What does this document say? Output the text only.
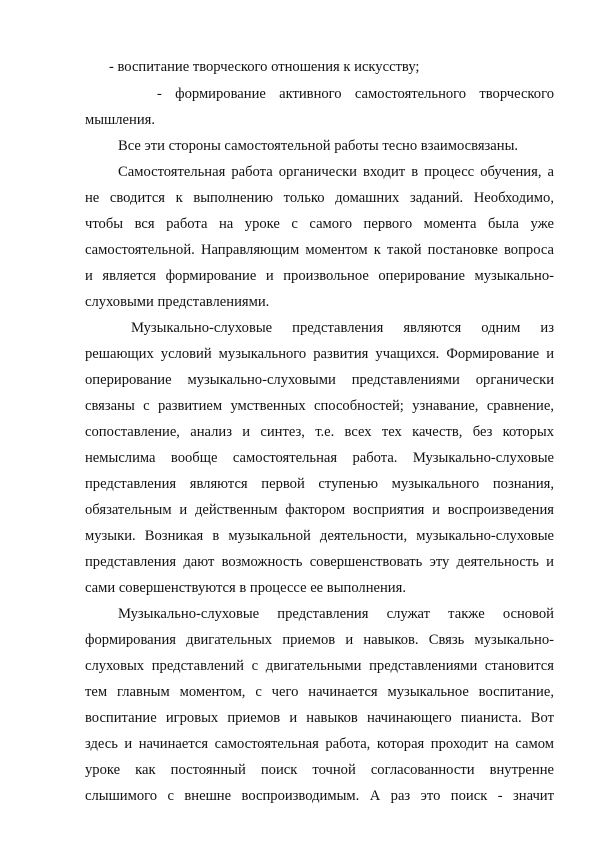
- воспитание творческого отношения к искусству;
- формирование активного самостоятельного творческого
мышления.
Все эти стороны самостоятельной работы тесно взаимосвязаны.
Самостоятельная работа органически входит в процесс обучения, а
не сводится к выполнению только домашних заданий. Необходимо,
чтобы вся работа на уроке с самого первого момента была уже
самостоятельной. Направляющим моментом к такой постановке вопроса
и является формирование и произвольное оперирование музыкально-
слуховыми представлениями.
Музыкально-слуховые представления являются одним из
решающих условий музыкального развития учащихся. Формирование и
оперирование музыкально-слуховыми представлениями органически
связаны с развитием умственных способностей; узнавание, сравнение,
сопоставление, анализ и синтез, т.е. всех тех качеств, без которых
немыслима вообще самостоятельная работа. Музыкально-слуховые
представления являются первой ступенью музыкального познания,
обязательным и действенным фактором восприятия и воспроизведения
музыки. Возникая в музыкальной деятельности, музыкально-слуховые
представления дают возможность совершенствовать эту деятельность и
сами совершенствуются в процессе ее выполнения.
Музыкально-слуховые представления служат также основой
формирования двигательных приемов и навыков. Связь музыкально-
слуховых представлений с двигательными представлениями становится
тем главным моментом, с чего начинается музыкальное воспитание,
воспитание игровых приемов и навыков начинающего пианиста. Вот
здесь и начинается самостоятельная работа, которая проходит на самом
уроке как постоянный поиск точной согласованности внутренне
слышимого с внешне воспроизводимым. А раз это поиск - значит
